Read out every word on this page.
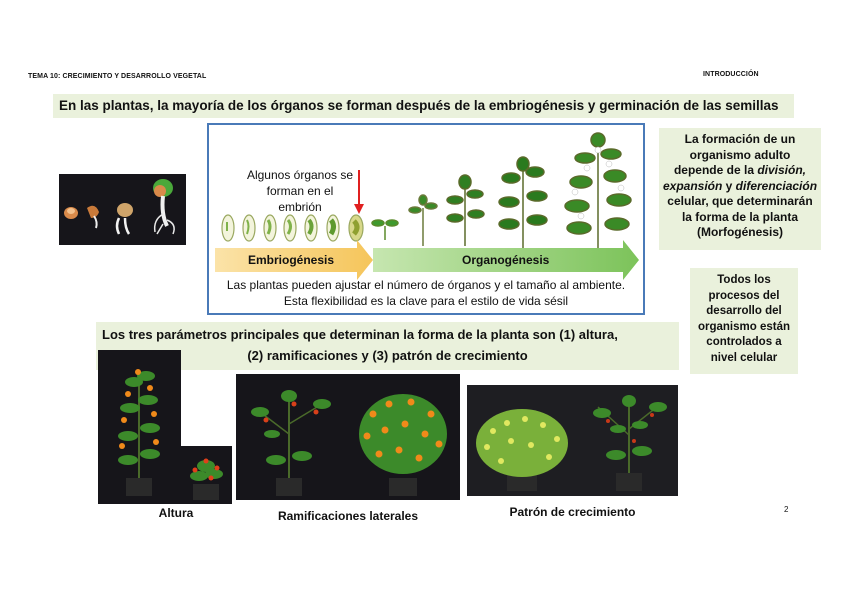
TEMA 10: CRECIMIENTO Y DESARROLLO VEGETAL	INTRODUCCIÓN
En las plantas, la mayoría de los órganos se forman después de la embriogénesis y germinación de las semillas
Algunos órganos se
forman en el
embrión
Embriogénesis	Organogénesis
Las plantas pueden ajustar el número de órganos y el tamaño al ambiente.
Esta flexibilidad es la clave para el estilo de vida sésil
La formación de un
organismo adulto
depende de la división,
expansión y diferenciación
celular, que determinarán
la forma de la planta
(Morfogénesis)
Todos los
procesos del
desarrollo del
organismo están
controlados a
nivel celular
Los tres parámetros principales que determinan la forma de la planta son (1) altura,
(2) ramificaciones y (3) patrón de crecimiento
Altura	Ramificaciones laterales	Patrón de crecimiento	2
